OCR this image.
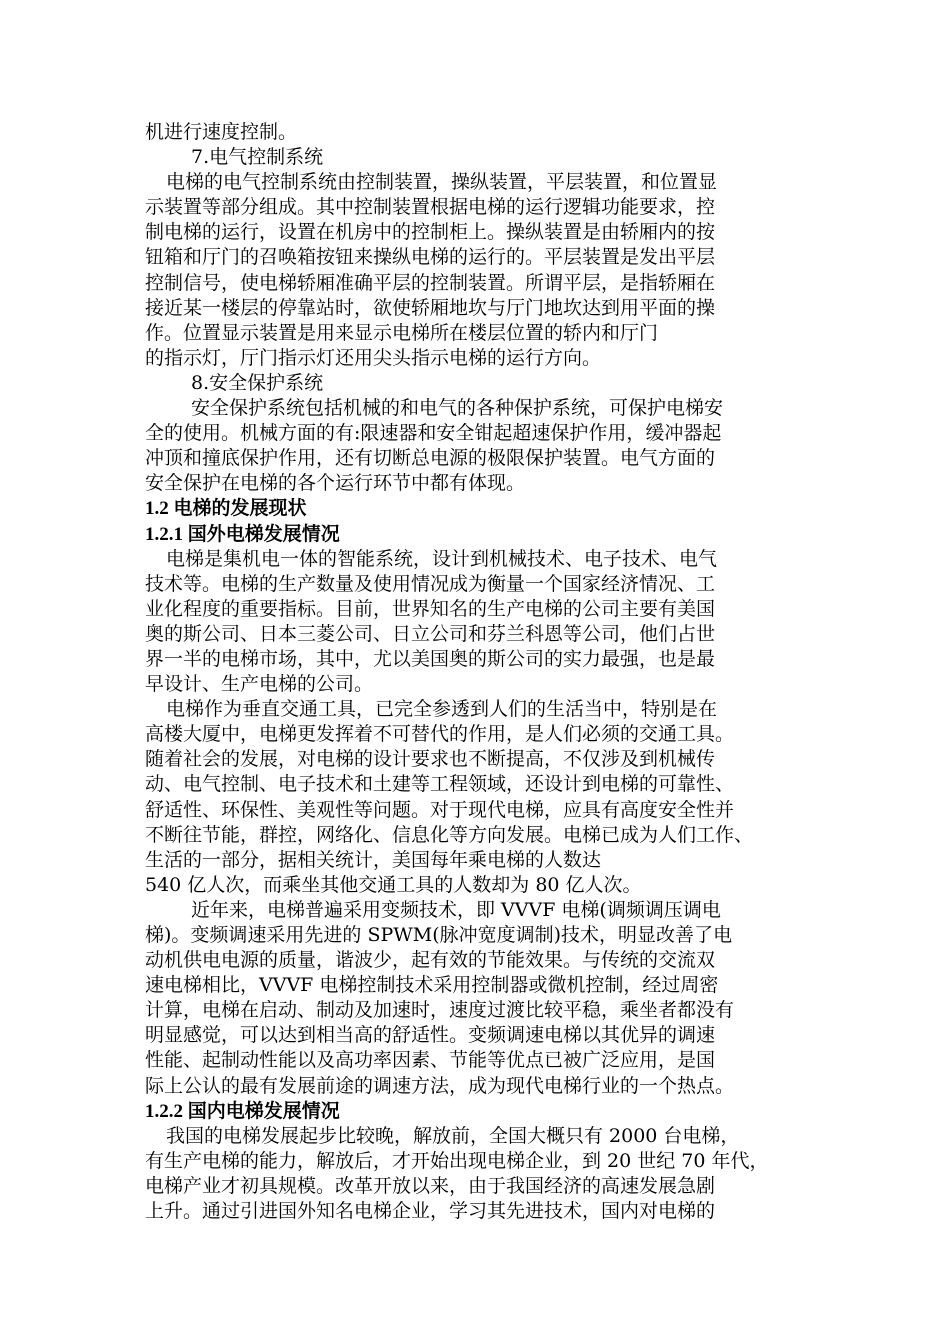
机进行速度控制。
7.电气控制系统
电梯的电气控制系统由控制装置，操纵装置，平层装置，和位置显
示装置等部分组成。其中控制装置根据电梯的运行逻辑功能要求，控
制电梯的运行，设置在机房中的控制柜上。操纵装置是由轿厢内的按
钮箱和厅门的召唤箱按钮来操纵电梯的运行的。平层装置是发出平层
控制信号，使电梯轿厢准确平层的控制装置。所谓平层，是指轿厢在
接近某一楼层的停靠站时，欲使轿厢地坎与厅门地坎达到用平面的操
作。位置显示装置是用来显示电梯所在楼层位置的轿内和厅门
的指示灯，厅门指示灯还用尖头指示电梯的运行方向。
8.安全保护系统
安全保护系统包括机械的和电气的各种保护系统，可保护电梯安
全的使用。机械方面的有:限速器和安全钳起超速保护作用，缓冲器起
冲顶和撞底保护作用，还有切断总电源的极限保护装置。电气方面的
安全保护在电梯的各个运行环节中都有体现。
1.2 电梯的发展现状
1.2.1 国外电梯发展情况
电梯是集机电一体的智能系统，设计到机械技术、电子技术、电气
技术等。电梯的生产数量及使用情况成为衡量一个国家经济情况、工
业化程度的重要指标。目前，世界知名的生产电梯的公司主要有美国
奥的斯公司、日本三菱公司、日立公司和芬兰科恩等公司，他们占世
界一半的电梯市场，其中，尤以美国奥的斯公司的实力最强，也是最
早设计、生产电梯的公司。
电梯作为垂直交通工具，已完全参透到人们的生活当中，特别是在
高楼大厦中，电梯更发挥着不可替代的作用，是人们必须的交通工具。
随着社会的发展，对电梯的设计要求也不断提高，不仅涉及到机械传
动、电气控制、电子技术和土建等工程领域，还设计到电梯的可靠性、
舒适性、环保性、美观性等问题。对于现代电梯，应具有高度安全性并
不断往节能，群控，网络化、信息化等方向发展。电梯已成为人们工作、
生活的一部分，据相关统计，美国每年乘电梯的人数达
540 亿人次，而乘坐其他交通工具的人数却为 80 亿人次。
近年来，电梯普遍采用变频技术，即 VVVF 电梯(调频调压调电
梯)。变频调速采用先进的 SPWM(脉冲宽度调制)技术，明显改善了电
动机供电电源的质量，谐波少，起有效的节能效果。与传统的交流双
速电梯相比，VVVF 电梯控制技术采用控制器或微机控制，经过周密
计算，电梯在启动、制动及加速时，速度过渡比较平稳，乘坐者都没有
明显感觉，可以达到相当高的舒适性。变频调速电梯以其优异的调速
性能、起制动性能以及高功率因素、节能等优点已被广泛应用，是国
际上公认的最有发展前途的调速方法，成为现代电梯行业的一个热点。
1.2.2 国内电梯发展情况
我国的电梯发展起步比较晚，解放前，全国大概只有 2000 台电梯，
有生产电梯的能力，解放后，才开始出现电梯企业，到 20 世纪 70 年代，
电梯产业才初具规模。改革开放以来，由于我国经济的高速发展急剧
上升。通过引进国外知名电梯企业，学习其先进技术，国内对电梯的
